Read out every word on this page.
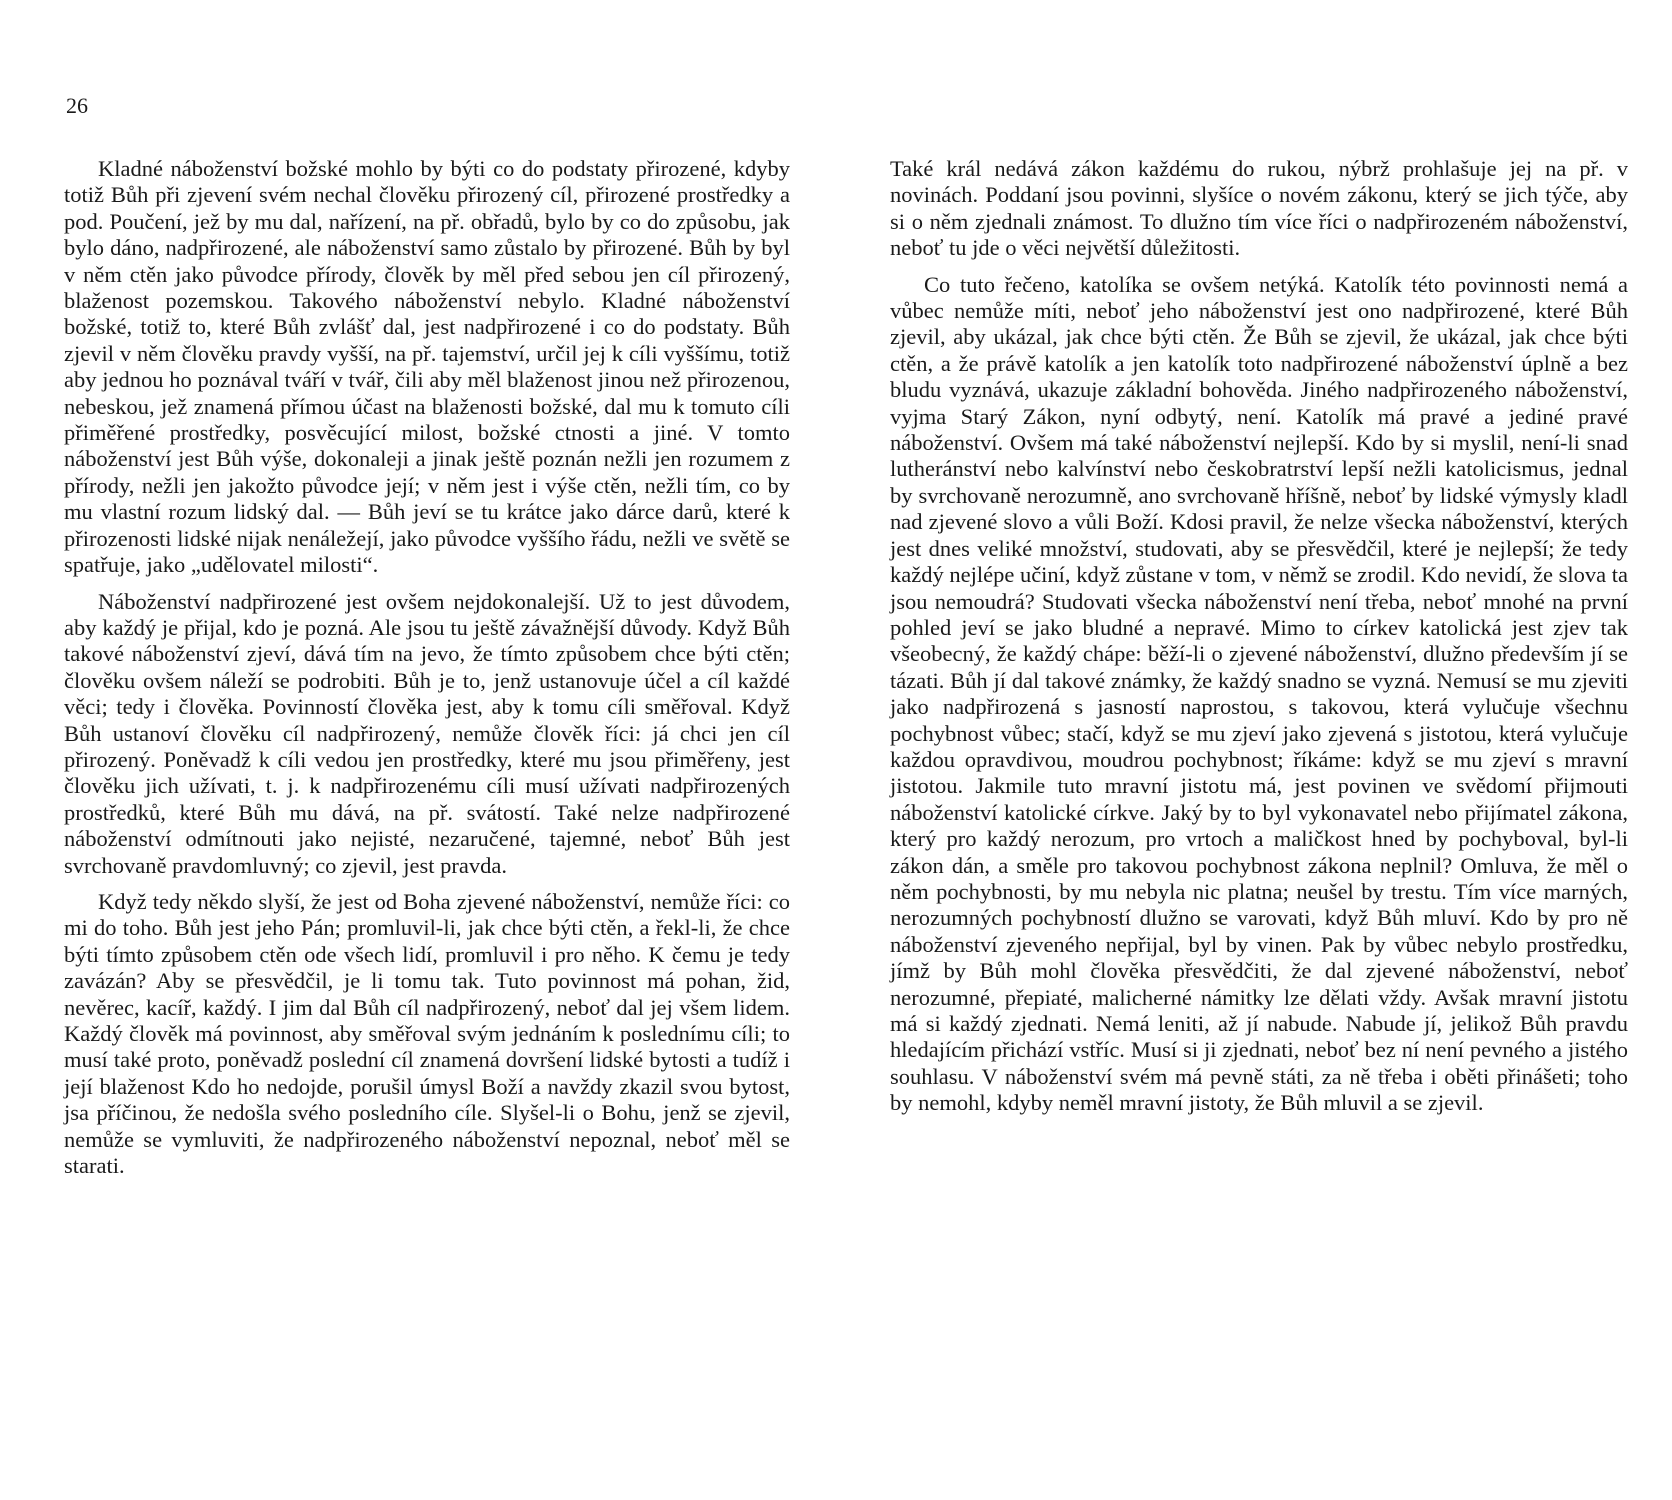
26

Kladné náboženství božské mohlo by býti co do podstaty přirozené, kdyby totiž Bůh při zjevení svém nechal člověku přirozený cíl, přirozené prostředky a pod. Poučení, jež by mu dal, nařízení, na př. obřadů, bylo by co do způsobu, jak bylo dáno, nadpřirozené, ale náboženství samo zůstalo by přirozené. Bůh by byl v něm ctěn jako původce přírody, člověk by měl před sebou jen cíl přirozený, blaženost pozemskou. Takového náboženství nebylo. Kladné náboženství božské, totiž to, které Bůh zvlášť dal, jest nadpřirozené i co do podstaty. Bůh zjevil v něm člověku pravdy vyšší, na př. tajemství, určil jej k cíli vyššímu, totiž aby jednou ho poznával tváří v tvář, čili aby měl blaženost jinou než přirozenou, nebeskou, jež znamená přímou účast na blaženosti božské, dal mu k tomuto cíli přiměřené prostředky, posvěcující milost, božské ctnosti a jiné. V tomto náboženství jest Bůh výše, dokonaleji a jinak ještě poznán nežli jen rozumem z přírody, nežli jen jakožto původce její; v něm jest i výše ctěn, nežli tím, co by mu vlastní rozum lidský dal. — Bůh jeví se tu krátce jako dárce darů, které k přirozenosti lidské nijak nenáležejí, jako původce vyššího řádu, nežli ve světě se spatřuje, jako „udělovatel milosti“.

Náboženství nadpřirozené jest ovšem nejdokonalejší. Už to jest důvodem, aby každý je přijal, kdo je pozná. Ale jsou tu ještě závažnější důvody. Když Bůh takové náboženství zjeví, dává tím na jevo, že tímto způsobem chce býti ctěn; člověku ovšem náleží se podrobiti. Bůh je to, jenž ustanovuje účel a cíl každé věci; tedy i člověka. Povinností člověka jest, aby k tomu cíli směřoval. Když Bůh ustanoví člověku cíl nadpřirozený, nemůže člověk říci: já chci jen cíl přirozený. Poněvadž k cíli vedou jen prostředky, které mu jsou přiměřeny, jest člověku jich užívati, t. j. k nadpřirozenému cíli musí užívati nadpřirozených prostředků, které Bůh mu dává, na př. svátostí. Také nelze nadpřirozené náboženství odmítnouti jako nejisté, nezaručené, tajemné, neboť Bůh jest svrchovaně pravdomluvný; co zjevil, jest pravda.

Když tedy někdo slyší, že jest od Boha zjevené náboženství, nemůže říci: co mi do toho. Bůh jest jeho Pán; promluvil-li, jak chce býti ctěn, a řekl-li, že chce býti tímto způsobem ctěn ode všech lidí, promluvil i pro něho. K čemu je tedy zavázán? Aby se přesvědčil, je li tomu tak. Tuto povinnost má pohan, žid, nevěrec, kacíř, každý. I jim dal Bůh cíl nadpřirozený, neboť dal jej všem lidem. Každý člověk má povinnost, aby směřoval svým jednáním k poslednímu cíli; to musí také proto, poněvadž poslední cíl znamená dovršení lidské bytosti a tudíž i její blaženost Kdo ho nedojde, porušil úmysl Boží a navždy zkazil svou bytost, jsa příčinou, že nedošla svého posledního cíle. Slyšel-li o Bohu, jenž se zjevil, nemůže se vymluviti, že nadpřirozeného náboženství nepoznal, neboť měl se starati.

Také král nedává zákon každému do rukou, nýbrž prohlašuje jej na př. v novinách. Poddaní jsou povinni, slyšíce o novém zákonu, který se jich týče, aby si o něm zjednali známost. To dlužno tím více říci o nadpřirozeném náboženství, neboť tu jde o věci největší důležitosti.

Co tuto řečeno, katolíka se ovšem netýká. Katolík této povinnosti nemá a vůbec nemůže míti, neboť jeho náboženství jest ono nadpřirozené, které Bůh zjevil, aby ukázal, jak chce býti ctěn. Že Bůh se zjevil, že ukázal, jak chce býti ctěn, a že právě katolík a jen katolík toto nadpřirozené náboženství úplně a bez bludu vyznává, ukazuje základní bohověda. Jiného nadpřirozeného náboženství, vyjma Starý Zákon, nyní odbytý, není. Katolík má pravé a jediné pravé náboženství. Ovšem má také náboženství nejlepší. Kdo by si myslil, není-li snad lutheránství nebo kalvínství nebo českobratrství lepší nežli katolicismus, jednal by svrchovaně nerozumně, ano svrchovaně hříšně, neboť by lidské výmysly kladl nad zjevené slovo a vůli Boží. Kdosi pravil, že nelze všecka náboženství, kterých jest dnes veliké množství, studovati, aby se přesvědčil, které je nejlepší; že tedy každý nejlépe učiní, když zůstane v tom, v němž se zrodil. Kdo nevidí, že slova ta jsou nemoudrá? Studovati všecka náboženství není třeba, neboť mnohé na první pohled jeví se jako bludné a nepravé. Mimo to církev katolická jest zjev tak všeobecný, že každý chápe: běží-li o zjevené náboženství, dlužno především jí se tázati. Bůh jí dal takové známky, že každý snadno se vyzná. Nemusí se mu zjeviti jako nadpřirozená s jasností naprostou, s takovou, která vylučuje všechnu pochybnost vůbec; stačí, když se mu zjeví jako zjevená s jistotou, která vylučuje každou opravdivou, moudrou pochybnost; říkáme: když se mu zjeví s mravní jistotou. Jakmile tuto mravní jistotu má, jest povinen ve svědomí přijmouti náboženství katolické církve. Jaký by to byl vykonavatel nebo přijímatel zákona, který pro každý nerozum, pro vrtoch a maličkost hned by pochyboval, byl-li zákon dán, a směle pro takovou pochybnost zákona neplnil? Omluva, že měl o něm pochybnosti, by mu nebyla nic platna; neušel by trestu. Tím více marných, nerozumných pochybností dlužno se varovati, když Bůh mluví. Kdo by pro ně náboženství zjeveného nepřijal, byl by vinen. Pak by vůbec nebylo prostředku, jímž by Bůh mohl člověka přesvědčiti, že dal zjevené náboženství, neboť nerozumné, přepiaté, malicherné námitky lze dělati vždy. Avšak mravní jistotu má si každý zjednati. Nemá leniti, až jí nabude. Nabude jí, jelikož Bůh pravdu hledajícím přichází vstříc. Musí si ji zjednati, neboť bez ní není pevného a jistého souhlasu. V náboženství svém má pevně státi, za ně třeba i oběti přinášeti; toho by nemohl, kdyby neměl mravní jistoty, že Bůh mluvil a se zjevil.
